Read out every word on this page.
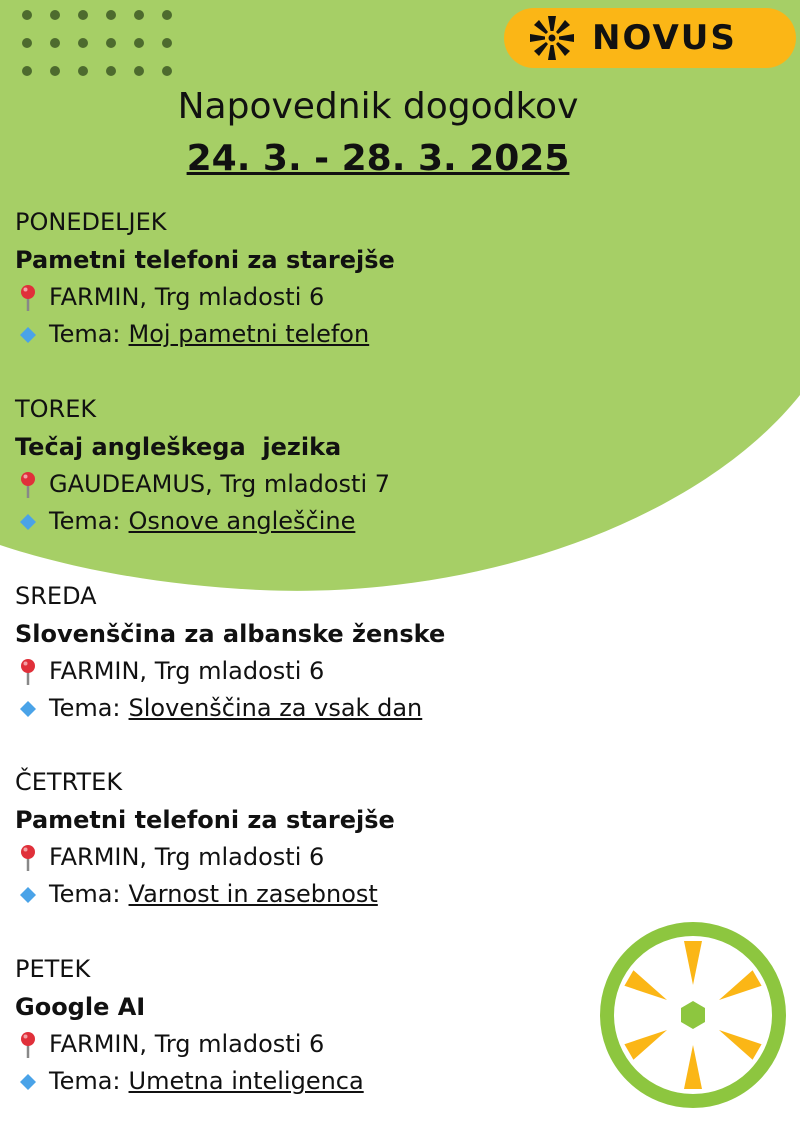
NOVUS
Napovednik dogodkov
24. 3. - 28. 3. 2025
PONEDELJEK
Pametni telefoni za starejše
FARMIN, Trg mladosti 6
Tema: Moj pametni telefon
TOREK
Tečaj angleškega  jezika
GAUDEAMUS, Trg mladosti 7
Tema: Osnove angleščine
SREDA
Slovenščina za albanske ženske
FARMIN, Trg mladosti 6
Tema: Slovenščina za vsak dan
ČETRTEK
Pametni telefoni za starejše
FARMIN, Trg mladosti 6
Tema: Varnost in zasebnost
PETEK
Google AI
FARMIN, Trg mladosti 6
Tema: Umetna inteligenca
